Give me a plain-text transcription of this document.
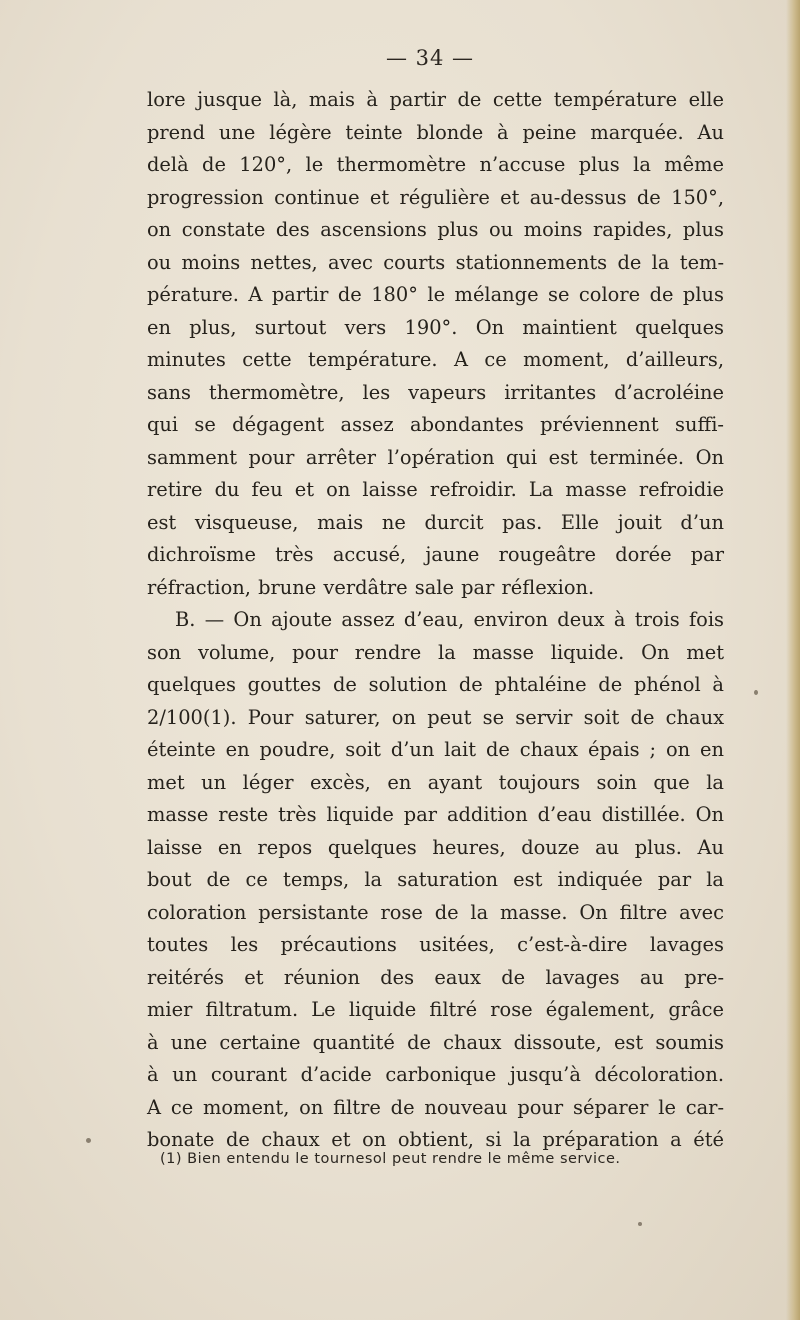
— 34 —
lore jusque là, mais à partir de cette température elle
prend une légère teinte blonde à peine marquée. Au
delà de 120°, le thermomètre n’accuse plus la même
progression continue et régulière et au-dessus de 150°,
on constate des ascensions plus ou moins rapides, plus
ou moins nettes, avec courts stationnements de la tem-
pérature. A partir de 180° le mélange se colore de plus
en plus, surtout vers 190°. On maintient quelques
minutes cette température. A ce moment, d’ailleurs,
sans thermomètre, les vapeurs irritantes d’acroléine
qui se dégagent assez abondantes préviennent suffi-
samment pour arrêter l’opération qui est terminée. On
retire du feu et on laisse refroidir. La masse refroidie
est visqueuse, mais ne durcit pas. Elle jouit d’un
dichroïsme très accusé, jaune rougeâtre dorée par
réfraction, brune verdâtre sale par réflexion.
B. — On ajoute assez d’eau, environ deux à trois fois
son volume, pour rendre la masse liquide. On met
quelques gouttes de solution de phtaléine de phénol à
2/100(1). Pour saturer, on peut se servir soit de chaux
éteinte en poudre, soit d’un lait de chaux épais ; on en
met un léger excès, en ayant toujours soin que la
masse reste très liquide par addition d’eau distillée. On
laisse en repos quelques heures, douze au plus. Au
bout de ce temps, la saturation est indiquée par la
coloration persistante rose de la masse. On filtre avec
toutes les précautions usitées, c’est-à-dire lavages
reitérés et réunion des eaux de lavages au pre-
mier filtratum. Le liquide filtré rose également, grâce
à une certaine quantité de chaux dissoute, est soumis
à un courant d’acide carbonique jusqu’à décoloration.
A ce moment, on filtre de nouveau pour séparer le car-
bonate de chaux et on obtient, si la préparation a été
(1) Bien entendu le tournesol peut rendre le même service.
